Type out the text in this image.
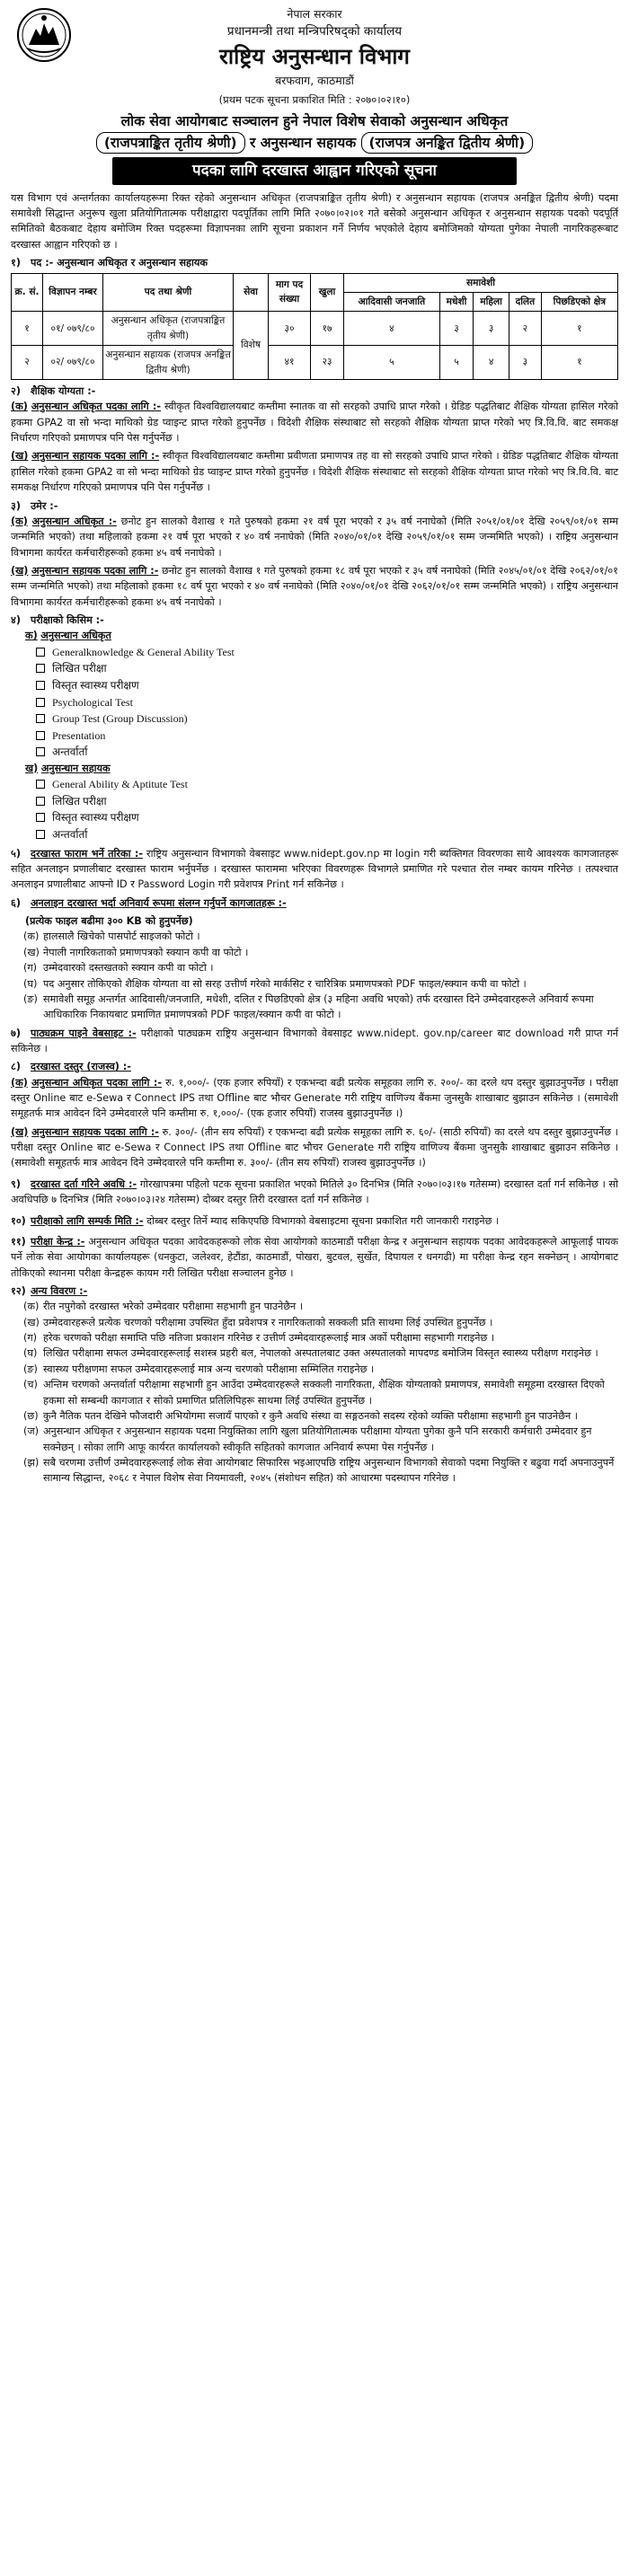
नेपाल सरकार
प्रधानमन्त्री तथा मन्त्रिपरिषद्को कार्यालय
राष्ट्रिय अनुसन्धान विभाग
बरफवाग, काठमाडौं
(प्रथम पटक सूचना प्रकाशित मिति : २०७०।०२।१०)
लोक सेवा आयोगबाट सञ्चालन हुने नेपाल विशेष सेवाको अनुसन्धान अधिकृत
(राजपत्राङ्कित तृतीय श्रेणी) र अनुसन्धान सहायक (राजपत्र अनङ्कित द्वितीय श्रेणी)
पदका लागि दरखास्त आह्वान गरिएको सूचना

यस विभाग एवं अन्तर्गतका कार्यालयहरूमा रिक्त रहेको अनुसन्धान अधिकृत (राजपत्राङ्कित तृतीय श्रेणी) र अनुसन्धान सहायक (राजपत्र अनङ्कित द्वितीय श्रेणी) पदमा समावेशी सिद्धान्त अनुरूप खुला प्रतियोगितात्मक परीक्षाद्वारा पदपूर्तिका लागि मिति २०७०।०२।०१ गते बसेको अनुसन्धान अधिकृत र अनुसन्धान सहायक पदको पदपूर्ति समितिको बैठकबाट देहाय बमोजिम रिक्त पदहरूमा विज्ञापनका लागि सूचना प्रकाशन गर्ने निर्णय भएकोले देहाय बमोजिमको योग्यता पुगेका नेपाली नागरिकहरूबाट दरखास्त आह्वान गरिएको छ ।

१) पद :- अनुसन्धान अधिकृत र अनुसन्धान सहायक
क्र. सं.	विज्ञापन नम्बर	पद तथा श्रेणी	सेवा	माग पद संख्या	खुला	समावेशी				
						आदिवासी जनजाति	मधेशी	महिला	दलित	पिछडिएको क्षेत्र
१	०१/ ०७९/८०	अनुसन्धान अधिकृत (राजपत्राङ्कित तृतीय श्रेणी)	विशेष	३०	१७	४	३	३	२	१
२	०२/ ०७९/८०	अनुसन्धान सहायक (राजपत्र अनङ्कित द्वितीय श्रेणी)		४१	२३	५	५	४	३	१
२) शैक्षिक योग्यता :-

(क) अनुसन्धान अधिकृत पदका लागि :- स्वीकृत विश्वविद्यालयबाट कम्तीमा स्नातक वा सो सरहको उपाधि प्राप्त गरेको । ग्रेडिङ पद्धतिबाट शैक्षिक योग्यता हासिल गरेको हकमा GPA2 वा सो भन्दा माथिको ग्रेड प्वाइन्ट प्राप्त गरेको हुनुपर्नेछ । विदेशी शैक्षिक संस्थाबाट सो सरहको शैक्षिक योग्यता प्राप्त गरेको भए त्रि.वि.वि. बाट समकक्ष निर्धारण गरिएको प्रमाणपत्र पनि पेस गर्नुपर्नेछ ।

(ख) अनुसन्धान सहायक पदका लागि :- स्वीकृत विश्वविद्यालयबाट कम्तीमा प्रवीणता प्रमाणपत्र तह वा सो सरहको उपाधि प्राप्त गरेको । ग्रेडिङ पद्धतिबाट शैक्षिक योग्यता हासिल गरेको हकमा GPA2 वा सो भन्दा माथिको ग्रेड प्वाइन्ट प्राप्त गरेको हुनुपर्नेछ । विदेशी शैक्षिक संस्थाबाट सो सरहको शैक्षिक योग्यता प्राप्त गरेको भए त्रि.वि.वि. बाट समकक्ष निर्धारण गरिएको प्रमाणपत्र पनि पेस गर्नुपर्नेछ ।

३) उमेर :-

(क) अनुसन्धान अधिकृत :- छनोट हुन सालको वैशाख १ गते पुरुषको हकमा २१ वर्ष पूरा भएको र ३५ वर्ष ननाघेको (मिति २०५१/०१/०१ देखि २०५९/०१/०१ सम्म जन्ममिति भएको) तथा महिलाको हकमा २१ वर्ष पूरा भएको र ४० वर्ष ननाघेको (मिति २०४०/०१/०१ देखि २०५९/०१/०१ सम्म जन्ममिति भएको) । राष्ट्रिय अनुसन्धान विभागमा कार्यरत कर्मचारीहरूको हकमा ४५ वर्ष ननाघेको ।

(ख) अनुसन्धान सहायक पदका लागि :- छनोट हुन सालको वैशाख १ गते पुरुषको हकमा १८ वर्ष पूरा भएको र ३५ वर्ष ननाघेको (मिति २०४५/०१/०१ देखि २०६२/०१/०१ सम्म जन्ममिति भएको) तथा महिलाको हकमा १८ वर्ष पूरा भएको र ४० वर्ष ननाघेको (मिति २०४०/०१/०१ देखि २०६२/०१/०१ सम्म जन्ममिति भएको) । राष्ट्रिय अनुसन्धान विभागमा कार्यरत कर्मचारीहरूको हकमा ४५ वर्ष ननाघेको ।

४) परीक्षाको किसिम :-
क) अनुसन्धान अधिकृत
Generalknowledge & General Ability Test
लिखित परीक्षा
विस्तृत स्वास्थ्य परीक्षण
Psychological Test
Group Test (Group Discussion)
Presentation
अन्तर्वार्ता
ख) अनुसन्धान सहायक
General Ability & Aptitute Test
लिखित परीक्षा
विस्तृत स्वास्थ्य परीक्षण
अन्तर्वार्ता

५) दरखास्त फाराम भर्ने तरिका :- राष्ट्रिय अनुसन्धान विभागको वेबसाइट www.nidept.gov.np मा login गरी ब्यक्तिगत विवरणका साथै आवश्यक कागजातहरू सहित अनलाइन प्रणालीबाट दरखास्त फाराम भर्नुपर्नेछ । दरखास्त फाराममा भरिएका विवरणहरू विभागले प्रमाणित गरे पश्चात रोल नम्बर कायम गरिनेछ । तत्पश्चात अनलाइन प्रणालीबाट आफ्नो ID र Password Login गरी प्रवेशपत्र Print गर्न सकिनेछ ।

६) अनलाइन दरखास्त भर्दा अनिवार्य रूपमा संलग्न गर्नुपर्ने कागजातहरू :-
(प्रत्येक फाइल बढीमा ३०० KB को हुनुपर्नेछ)
(क) हालसालै खिचेको पासपोर्ट साइजको फोटो ।
(ख) नेपाली नागरिकताको प्रमाणपत्रको स्क्यान कपी वा फोटो ।
(ग) उम्मेदवारको दस्तखतको स्क्यान कपी वा फोटो ।
(घ) पद अनुसार तोकिएको शैक्षिक योग्यता वा सो सरह उत्तीर्ण गरेको मार्कसिट र चारित्रिक प्रमाणपत्रको PDF फाइल/स्क्यान कपी वा फोटो ।
(ङ) समावेशी समूह अन्तर्गत आदिवासी/जनजाति, मधेशी, दलित र पिछडिएको क्षेत्र (३ महिना अवधि भएको) तर्फ दरखास्त दिने उम्मेदवारहरूले अनिवार्य रूपमा आधिकारिक निकायबाट प्रमाणित प्रमाणपत्रको PDF फाइल/स्क्यान कपी वा फोटो ।

७) पाठ्यक्रम पाइने वेबसाइट :- परीक्षाको पाठ्यक्रम राष्ट्रिय अनुसन्धान विभागको वेबसाइट www.nidept. gov.np/career बाट download गरी प्राप्त गर्न सकिनेछ ।

८) दरखास्त दस्तुर (राजस्व) :-

(क) अनुसन्धान अधिकृत पदका लागि :- रु. १,०००/- (एक हजार रुपियाँ) र एकभन्दा बढी प्रत्येक समूहका लागि रु. २००/- का दरले थप दस्तुर बुझाउनुपर्नेछ । परीक्षा दस्तुर Online बाट e-Sewa र Connect IPS तथा Offline बाट भौचर Generate गरी राष्ट्रिय वाणिज्य बैंकमा जुनसुकै शाखाबाट बुझाउन सकिनेछ । (समावेशी समूहतर्फ मात्र आवेदन दिने उम्मेदवारले पनि कम्तीमा रु. १,०००/- (एक हजार रुपियाँ) राजस्व बुझाउनुपर्नेछ ।)

(ख) अनुसन्धान सहायक पदका लागि :- रु. ३००/- (तीन सय रुपियाँ) र एकभन्दा बढी प्रत्येक समूहका लागि रु. ६०/- (साठी रुपियाँ) का दरले थप दस्तुर बुझाउनुपर्नेछ । परीक्षा दस्तुर Online बाट e-Sewa र Connect IPS तथा Offline बाट भौचर Generate गरी राष्ट्रिय वाणिज्य बैंकमा जुनसुकै शाखाबाट बुझाउन सकिनेछ । (समावेशी समूहतर्फ मात्र आवेदन दिने उम्मेदवारले पनि कम्तीमा रु. ३००/- (तीन सय रुपियाँ) राजस्व बुझाउनुपर्नेछ ।)

९) दरखास्त दर्ता गरिने अवधि :- गोरखापत्रमा पहिलो पटक सूचना प्रकाशित भएको मितिले ३० दिनभित्र (मिति २०७०।०३।१७ गतेसम्म) दरखास्त दर्ता गर्न सकिनेछ । सो अवधिपछि ७ दिनभित्र (मिति २०७०।०३।२४ गतेसम्म) दोब्बर दस्तुर तिरी दरखास्त दर्ता गर्न सकिनेछ ।

१०) परीक्षाको लागि सम्पर्क मिति :- दोब्बर दस्तुर तिर्ने म्याद सकिएपछि विभागको वेबसाइटमा सूचना प्रकाशित गरी जानकारी गराइनेछ ।

११) परीक्षा केन्द्र :- अनुसन्धान अधिकृत पदका आवेदकहरूको लोक सेवा आयोगको काठमाडौं परीक्षा केन्द्र र अनुसन्धान सहायक पदका आवेदकहरूले आफूलाई पायक पर्ने लोक सेवा आयोगका कार्यालयहरू (धनकुटा, जलेश्वर, हेटौंडा, काठमाडौं, पोखरा, बुटवल, सुर्खेत, दिपायल र धनगढी) मा परीक्षा केन्द्र रहन सक्नेछन् । आयोगबाट तोकिएको स्थानमा परीक्षा केन्द्रहरू कायम गरी लिखित परीक्षा सञ्चालन हुनेछ ।

१२) अन्य विवरण :-
(क) रीत नपुगेको दरखास्त भरेको उम्मेदवार परीक्षामा सहभागी हुन पाउनेछैन ।
(ख) उम्मेदवारहरूले प्रत्येक चरणको परीक्षामा उपस्थित हुँदा प्रवेशपत्र र नागरिकताको सक्कली प्रति साथमा लिई उपस्थित हुनुपर्नेछ ।
(ग) हरेक चरणको परीक्षा समाप्ति पछि नतिजा प्रकाशन गरिनेछ र उत्तीर्ण उम्मेदवारहरूलाई मात्र अर्को परीक्षामा सहभागी गराइनेछ ।
(घ) लिखित परीक्षामा सफल उम्मेदवारहरूलाई सशस्त्र प्रहरी बल, नेपालको अस्पतालबाट उक्त अस्पतालको मापदण्ड बमोजिम विस्तृत स्वास्थ्य परीक्षण गराइनेछ ।
(ङ) स्वास्थ्य परीक्षणमा सफल उम्मेदवारहरूलाई मात्र अन्य चरणको परीक्षामा सम्मिलित गराइनेछ ।
(च) अन्तिम चरणको अन्तर्वार्ता परीक्षामा सहभागी हुन आउँदा उम्मेदवारहरूले सक्कली नागरिकता, शैक्षिक योग्यताको प्रमाणपत्र, समावेशी समूहमा दरखास्त दिएको हकमा सो सम्बन्धी कागजात र सोको प्रमाणित प्रतिलिपिहरू साथमा लिई उपस्थित हुनुपर्नेछ ।
(छ) कुनै नैतिक पतन देखिने फौजदारी अभियोगमा सजायँ पाएको र कुनै अवधि संस्था वा सङ्गठनको सदस्य रहेको व्यक्ति परीक्षामा सहभागी हुन पाउनेछैन ।
(ज) अनुसन्धान अधिकृत र अनुसन्धान सहायक पदमा नियुक्तिका लागि खुला प्रतियोगितात्मक परीक्षामा योग्यता पुगेका कुनै पनि सरकारी कर्मचारी उम्मेदवार हुन सक्नेछन् । सोका लागि आफू कार्यरत कार्यालयको स्वीकृति सहितको कागजात अनिवार्य रूपमा पेस गर्नुपर्नेछ ।
(झ) सबै चरणमा उत्तीर्ण उम्मेदवारहरूलाई लोक सेवा आयोगबाट सिफारिस भइआएपछि राष्ट्रिय अनुसन्धान विभागको सेवाको पदमा नियुक्ति र बढुवा गर्दा अपनाउनुपर्ने सामान्य सिद्धान्त, २०६८ र नेपाल विशेष सेवा नियमावली, २०४५ (संशोधन सहित) को आधारमा पदस्थापन गरिनेछ ।
